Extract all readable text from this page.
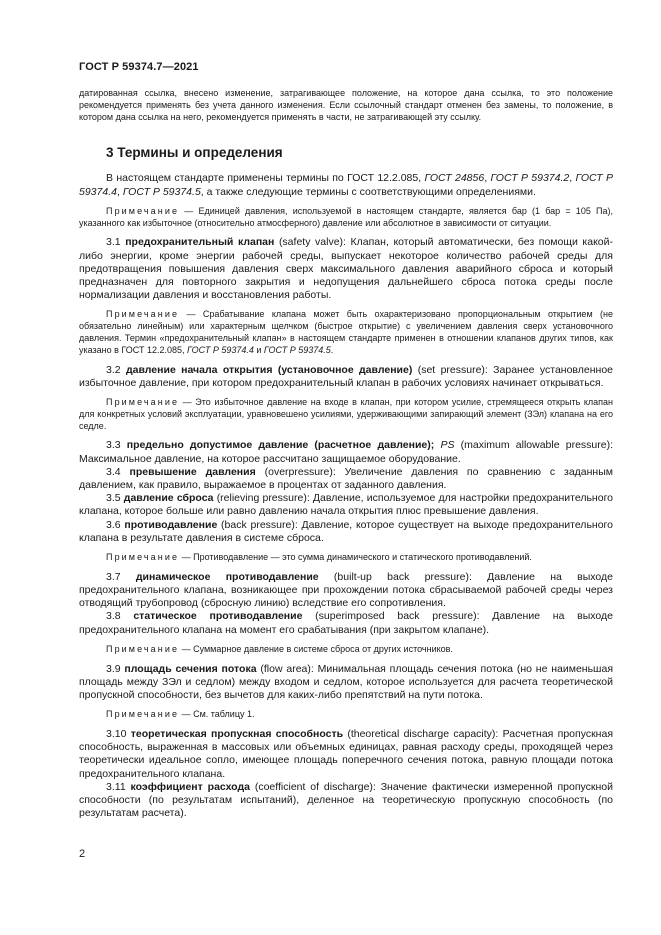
ГОСТ Р 59374.7—2021

датированная ссылка, внесено изменение, затрагивающее положение, на которое дана ссылка, то это положение рекомендуется применять без учета данного изменения. Если ссылочный стандарт отменен без замены, то положение, в котором дана ссылка на него, рекомендуется применять в части, не затрагивающей эту ссылку.

3 Термины и определения

В настоящем стандарте применены термины по ГОСТ 12.2.085, ГОСТ 24856, ГОСТ Р 59374.2, ГОСТ Р 59374.4, ГОСТ Р 59374.5, а также следующие термины с соответствующими определениями.

Примечание — Единицей давления, используемой в настоящем стандарте, является бар (1 бар = 105 Па), указанного как избыточное (относительно атмосферного) давление или абсолютное в зависимости от ситуации.

3.1 предохранительный клапан (safety valve): Клапан, который автоматически, без помощи какой-либо энергии, кроме энергии рабочей среды, выпускает некоторое количество рабочей среды для предотвращения повышения давления сверх максимального давления аварийного сброса и который предназначен для повторного закрытия и недопущения дальнейшего сброса потока среды после нормализации давления и восстановления работы.

Примечание — Срабатывание клапана может быть охарактеризовано пропорциональным открытием (не обязательно линейным) или характерным щелчком (быстрое открытие) с увеличением давления сверх установочного давления. Термин «предохранительный клапан» в настоящем стандарте применен в отношении клапанов других типов, как указано в ГОСТ 12.2.085, ГОСТ Р 59374.4 и ГОСТ Р 59374.5.

3.2 давление начала открытия (установочное давление) (set pressure): Заранее установленное избыточное давление, при котором предохранительный клапан в рабочих условиях начинает открываться.

Примечание — Это избыточное давление на входе в клапан, при котором усилие, стремящееся открыть клапан для конкретных условий эксплуатации, уравновешено усилиями, удерживающими запирающий элемент (ЗЭл) клапана на его седле.

3.3 предельно допустимое давление (расчетное давление); PS (maximum allowable pressure): Максимальное давление, на которое рассчитано защищаемое оборудование.

3.4 превышение давления (overpressure): Увеличение давления по сравнению с заданным давлением, как правило, выражаемое в процентах от заданного давления.

3.5 давление сброса (relieving pressure): Давление, используемое для настройки предохранительного клапана, которое больше или равно давлению начала открытия плюс превышение давления.

3.6 противодавление (back pressure): Давление, которое существует на выходе предохранительного клапана в результате давления в системе сброса.

Примечание — Противодавление — это сумма динамического и статического противодавлений.

3.7 динамическое противодавление (built-up back pressure): Давление на выходе предохранительного клапана, возникающее при прохождении потока сбрасываемой рабочей среды через отводящий трубопровод (сбросную линию) вследствие его сопротивления.

3.8 статическое противодавление (superimposed back pressure): Давление на выходе предохранительного клапана на момент его срабатывания (при закрытом клапане).

Примечание — Суммарное давление в системе сброса от других источников.

3.9 площадь сечения потока (flow area): Минимальная площадь сечения потока (но не наименьшая площадь между ЗЭл и седлом) между входом и седлом, которое используется для расчета теоретической пропускной способности, без вычетов для каких-либо препятствий на пути потока.

Примечание — См. таблицу 1.

3.10 теоретическая пропускная способность (theoretical discharge capacity): Расчетная пропускная способность, выраженная в массовых или объемных единицах, равная расходу среды, проходящей через теоретически идеальное сопло, имеющее площадь поперечного сечения потока, равную площади потока предохранительного клапана.

3.11 коэффициент расхода (coefficient of discharge): Значение фактически измеренной пропускной способности (по результатам испытаний), деленное на теоретическую пропускную способность (по результатам расчета).

2
